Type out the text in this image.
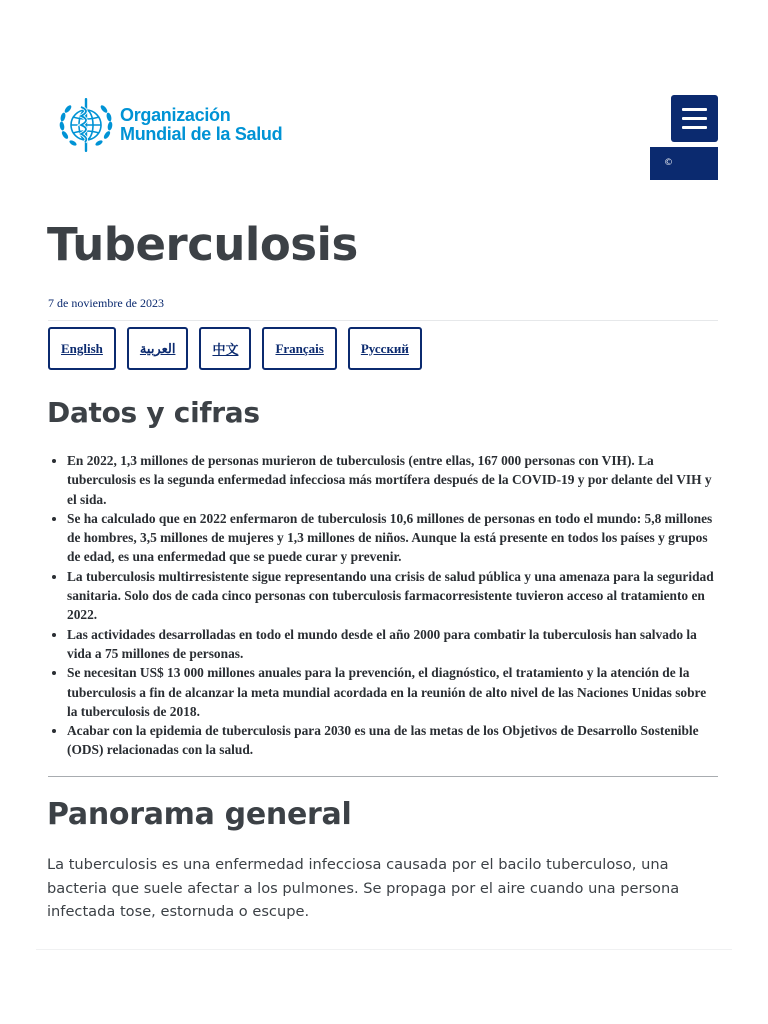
Organización
Mundial de la Salud
©
Tuberculosis
7 de noviembre de 2023
English	العربية	中文	Français	Русский
Datos y cifras
• En 2022, 1,3 millones de personas murieron de tuberculosis (entre ellas, 167 000 personas con VIH). La tuberculosis es la segunda enfermedad infecciosa más mortífera después de la COVID-19 y por delante del VIH y el sida.
• Se ha calculado que en 2022 enfermaron de tuberculosis 10,6 millones de personas en todo el mundo: 5,8 millones de hombres, 3,5 millones de mujeres y 1,3 millones de niños. Aunque la está presente en todos los países y grupos de edad, es una enfermedad que se puede curar y prevenir.
• La tuberculosis multirresistente sigue representando una crisis de salud pública y una amenaza para la seguridad sanitaria. Solo dos de cada cinco personas con tuberculosis farmacorresistente tuvieron acceso al tratamiento en 2022.
• Las actividades desarrolladas en todo el mundo desde el año 2000 para combatir la tuberculosis han salvado la vida a 75 millones de personas.
• Se necesitan US$ 13 000 millones anuales para la prevención, el diagnóstico, el tratamiento y la atención de la tuberculosis a fin de alcanzar la meta mundial acordada en la reunión de alto nivel de las Naciones Unidas sobre la tuberculosis de 2018.
• Acabar con la epidemia de tuberculosis para 2030 es una de las metas de los Objetivos de Desarrollo Sostenible (ODS) relacionadas con la salud.
Panorama general

La tuberculosis es una enfermedad infecciosa causada por el bacilo tuberculoso, una bacteria que suele afectar a los pulmones. Se propaga por el aire cuando una persona infectada tose, estornuda o escupe.
